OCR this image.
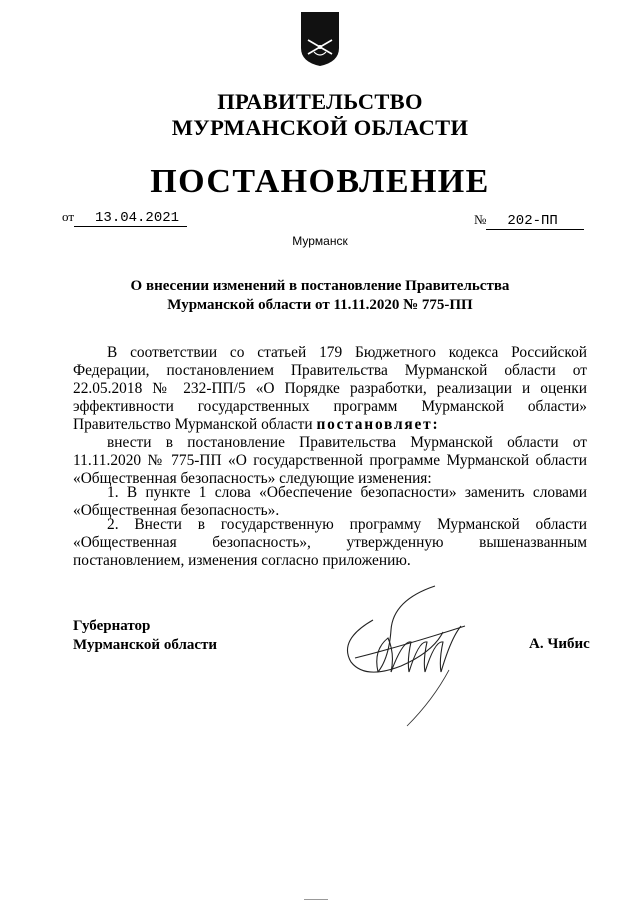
ПРАВИТЕЛЬСТВО
МУРМАНСКОЙ ОБЛАСТИ
ПОСТАНОВЛЕНИЕ
от 13.04.2021	№ 202-ПП
Мурманск
О внесении изменений в постановление Правительства
Мурманской области от 11.11.2020 № 775-ПП
В соответствии со статьей 179 Бюджетного кодекса Российской Федерации, постановлением Правительства Мурманской области от 22.05.2018 № 232-ПП/5 «О Порядке разработки, реализации и оценки эффективности государственных программ Мурманской области» Правительство Мурманской области постановляет:
внести в постановление Правительства Мурманской области от 11.11.2020 № 775-ПП «О государственной программе Мурманской области «Общественная безопасность» следующие изменения:
1. В пункте 1 слова «Обеспечение безопасности» заменить словами «Общественная безопасность».
2. Внести в государственную программу Мурманской области «Общественная безопасность», утвержденную вышеназванным постановлением, изменения согласно приложению.
Губернатор
Мурманской области	А. Чибис
